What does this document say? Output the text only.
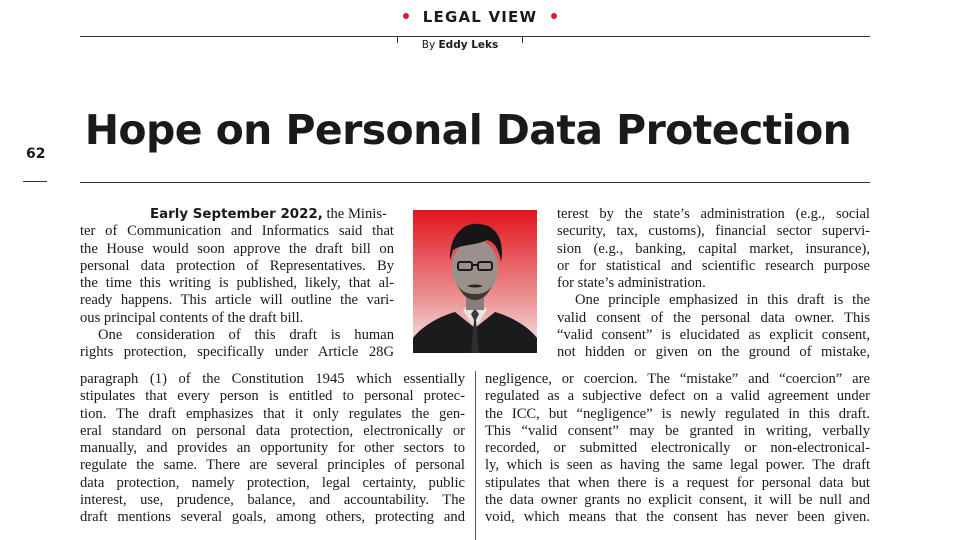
LEGAL VIEW
By Eddy Leks
62 Hope on Personal Data Protection
Early September 2022, the Minis-
ter of Communication and Informatics said that
the House would soon approve the draft bill on
personal data protection of Representatives. By
the time this writing is published, likely, that al-
ready happens. This article will outline the vari-
ous principal contents of the draft bill.
One consideration of this draft is human
rights protection, specifically under Article 28G
terest by the state’s administration (e.g., social
security, tax, customs), financial sector supervi-
sion (e.g., banking, capital market, insurance),
or for statistical and scientific research purpose
for state’s administration.
One principle emphasized in this draft is the
valid consent of the personal data owner. This
“valid consent” is elucidated as explicit consent,
not hidden or given on the ground of mistake,
paragraph (1) of the Constitution 1945 which essentially
stipulates that every person is entitled to personal protec-
tion. The draft emphasizes that it only regulates the gen-
eral standard on personal data protection, electronically or
manually, and provides an opportunity for other sectors to
regulate the same. There are several principles of personal
data protection, namely protection, legal certainty, public
interest, use, prudence, balance, and accountability. The
draft mentions several goals, among others, protecting and
negligence, or coercion. The “mistake” and “coercion” are
regulated as a subjective defect on a valid agreement under
the ICC, but “negligence” is newly regulated in this draft.
This “valid consent” may be granted in writing, verbally
recorded, or submitted electronically or non-electronical-
ly, which is seen as having the same legal power. The draft
stipulates that when there is a request for personal data but
the data owner grants no explicit consent, it will be null and
void, which means that the consent has never been given.
